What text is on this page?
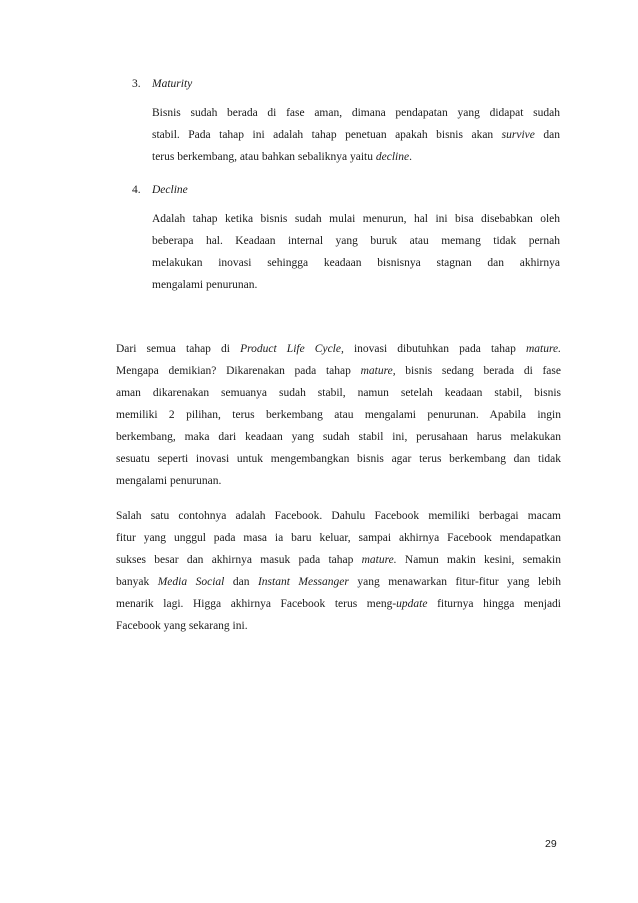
3. Maturity
Bisnis sudah berada di fase aman, dimana pendapatan yang didapat sudah
stabil. Pada tahap ini adalah tahap penetuan apakah bisnis akan survive dan
terus berkembang, atau bahkan sebaliknya yaitu decline.
4. Decline
Adalah tahap ketika bisnis sudah mulai menurun, hal ini bisa disebabkan oleh
beberapa hal. Keadaan internal yang buruk atau memang tidak pernah
melakukan inovasi sehingga keadaan bisnisnya stagnan dan akhirnya
mengalami penurunan.
Dari semua tahap di Product Life Cycle, inovasi dibutuhkan pada tahap mature.
Mengapa demikian? Dikarenakan pada tahap mature, bisnis sedang berada di fase
aman dikarenakan semuanya sudah stabil, namun setelah keadaan stabil, bisnis
memiliki 2 pilihan, terus berkembang atau mengalami penurunan. Apabila ingin
berkembang, maka dari keadaan yang sudah stabil ini, perusahaan harus melakukan
sesuatu seperti inovasi untuk mengembangkan bisnis agar terus berkembang dan tidak
mengalami penurunan.
Salah satu contohnya adalah Facebook. Dahulu Facebook memiliki berbagai macam
fitur yang unggul pada masa ia baru keluar, sampai akhirnya Facebook mendapatkan
sukses besar dan akhirnya masuk pada tahap mature. Namun makin kesini, semakin
banyak Media Social dan Instant Messanger yang menawarkan fitur-fitur yang lebih
menarik lagi. Higga akhirnya Facebook terus meng-update fiturnya hingga menjadi
Facebook yang sekarang ini.
29
